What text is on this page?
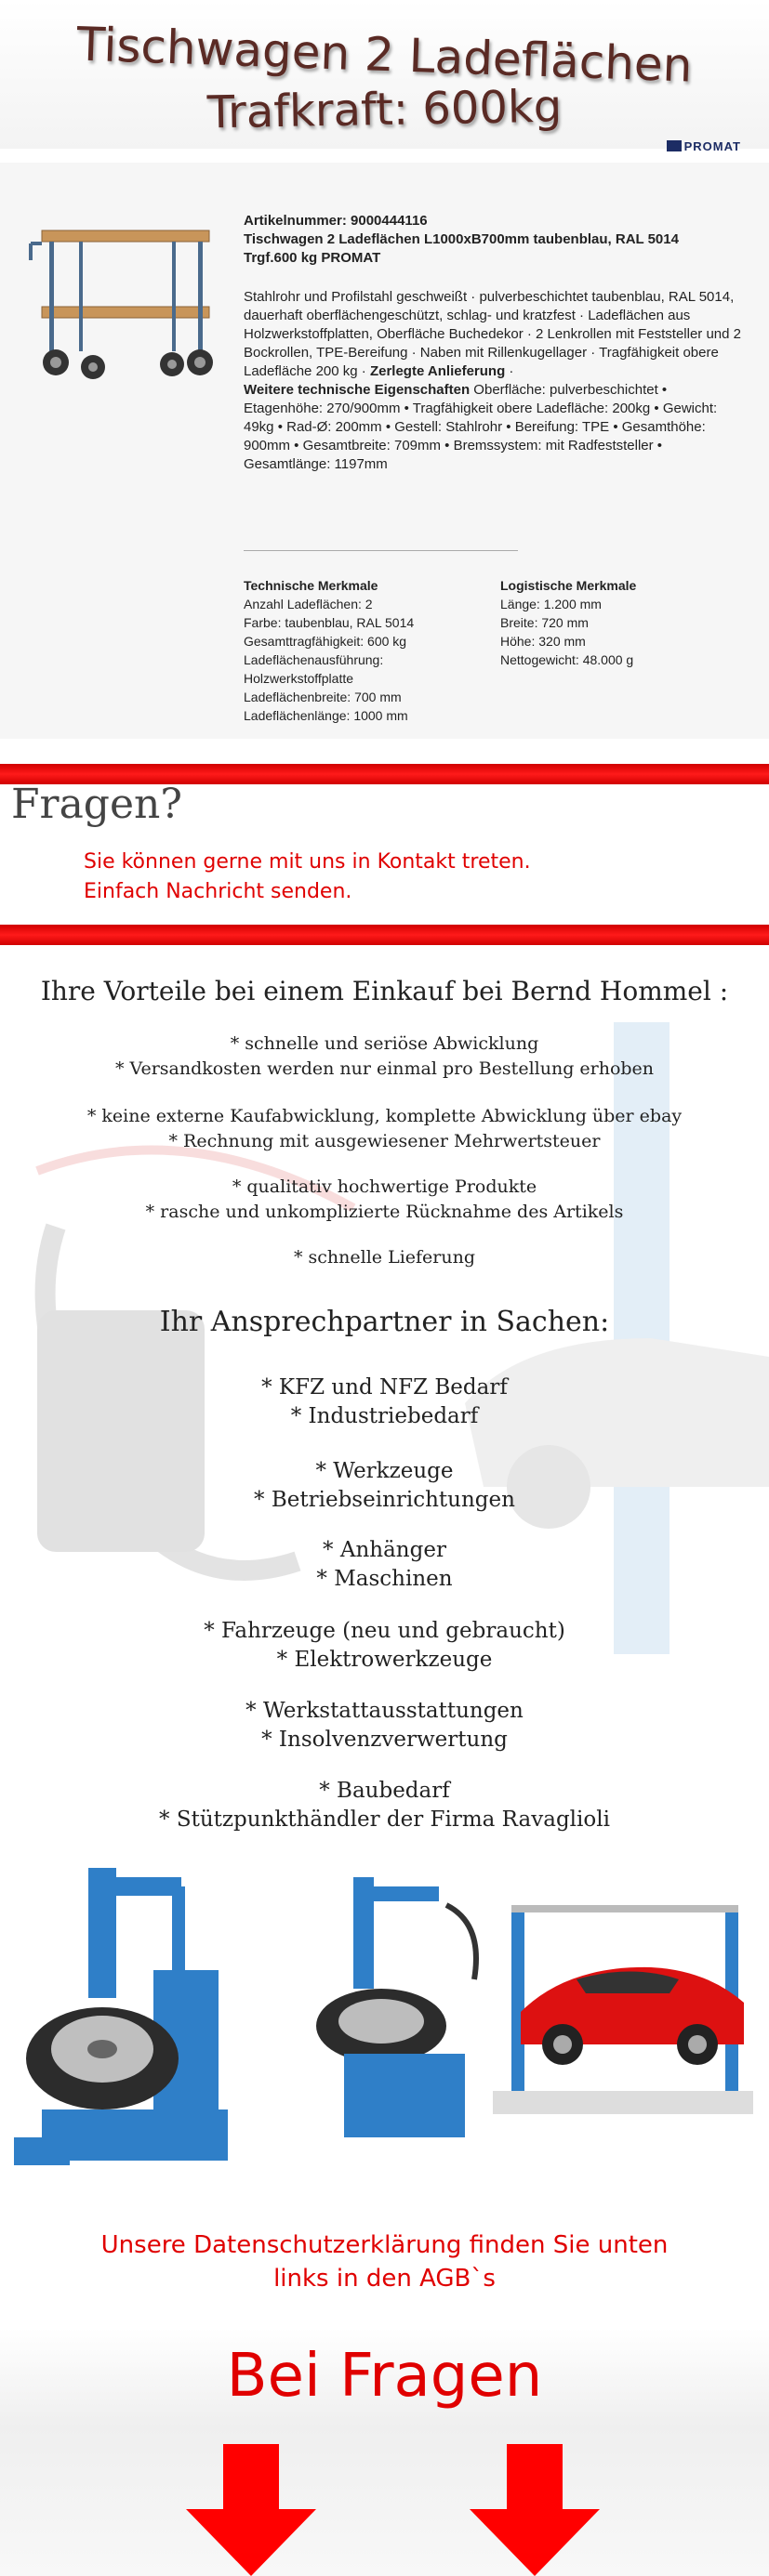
Tischwagen 2 Ladeflächen
Trafkraft: 600kg
PROMAT
Artikelnummer: 9000444116
Tischwagen 2 Ladeflächen L1000xB700mm taubenblau, RAL 5014
Trgf.600 kg PROMAT
Stahlrohr und Profilstahl geschweißt · pulverbeschichtet taubenblau, RAL 5014, dauerhaft oberflächengeschützt, schlag- und kratzfest · Ladeflächen aus Holzwerkstoffplatten, Oberfläche Buchedekor · 2 Lenkrollen mit Feststeller und 2 Bockrollen, TPE-Bereifung · Naben mit Rillenkugellager · Tragfähigkeit obere Ladefläche 200 kg · Zerlegte Anlieferung ·
Weitere technische Eigenschaften Oberfläche: pulverbeschichtet • Etagenhöhe: 270/900mm • Tragfähigkeit obere Ladefläche: 200kg • Gewicht: 49kg • Rad-Ø: 200mm • Gestell: Stahlrohr • Bereifung: TPE • Gesamthöhe: 900mm • Gesamtbreite: 709mm • Bremssystem: mit Radfeststeller • Gesamtlänge: 1197mm
Technische Merkmale
Anzahl Ladeflächen: 2
Farbe: taubenblau, RAL 5014
Gesamttragfähigkeit: 600 kg
Ladeflächenausführung:
Holzwerkstoffplatte
Ladeflächenbreite: 700 mm
Ladeflächenlänge: 1000 mm
Logistische Merkmale
Länge: 1.200 mm
Breite: 720 mm
Höhe: 320 mm
Nettogewicht: 48.000 g
Fragen?
Sie können gerne mit uns in Kontakt treten.
Einfach Nachricht senden.
Ihre Vorteile bei einem Einkauf bei Bernd Hommel :
* schnelle und seriöse Abwicklung
* Versandkosten werden nur einmal pro Bestellung erhoben
* keine externe Kaufabwicklung, komplette Abwicklung über ebay
* Rechnung mit ausgewiesener Mehrwertsteuer
* qualitativ hochwertige Produkte
* rasche und unkomplizierte Rücknahme des Artikels
* schnelle Lieferung
Ihr Ansprechpartner in Sachen:
* KFZ und NFZ Bedarf
* Industriebedarf
* Werkzeuge
* Betriebseinrichtungen
* Anhänger
* Maschinen
* Fahrzeuge (neu und gebraucht)
* Elektrowerkzeuge
* Werkstattausstattungen
* Insolvenzverwertung
* Baubedarf
* Stützpunkthändler der Firma Ravaglioli
Unsere Datenschutzerklärung finden Sie unten
links in den AGB`s
Bei Fragen
